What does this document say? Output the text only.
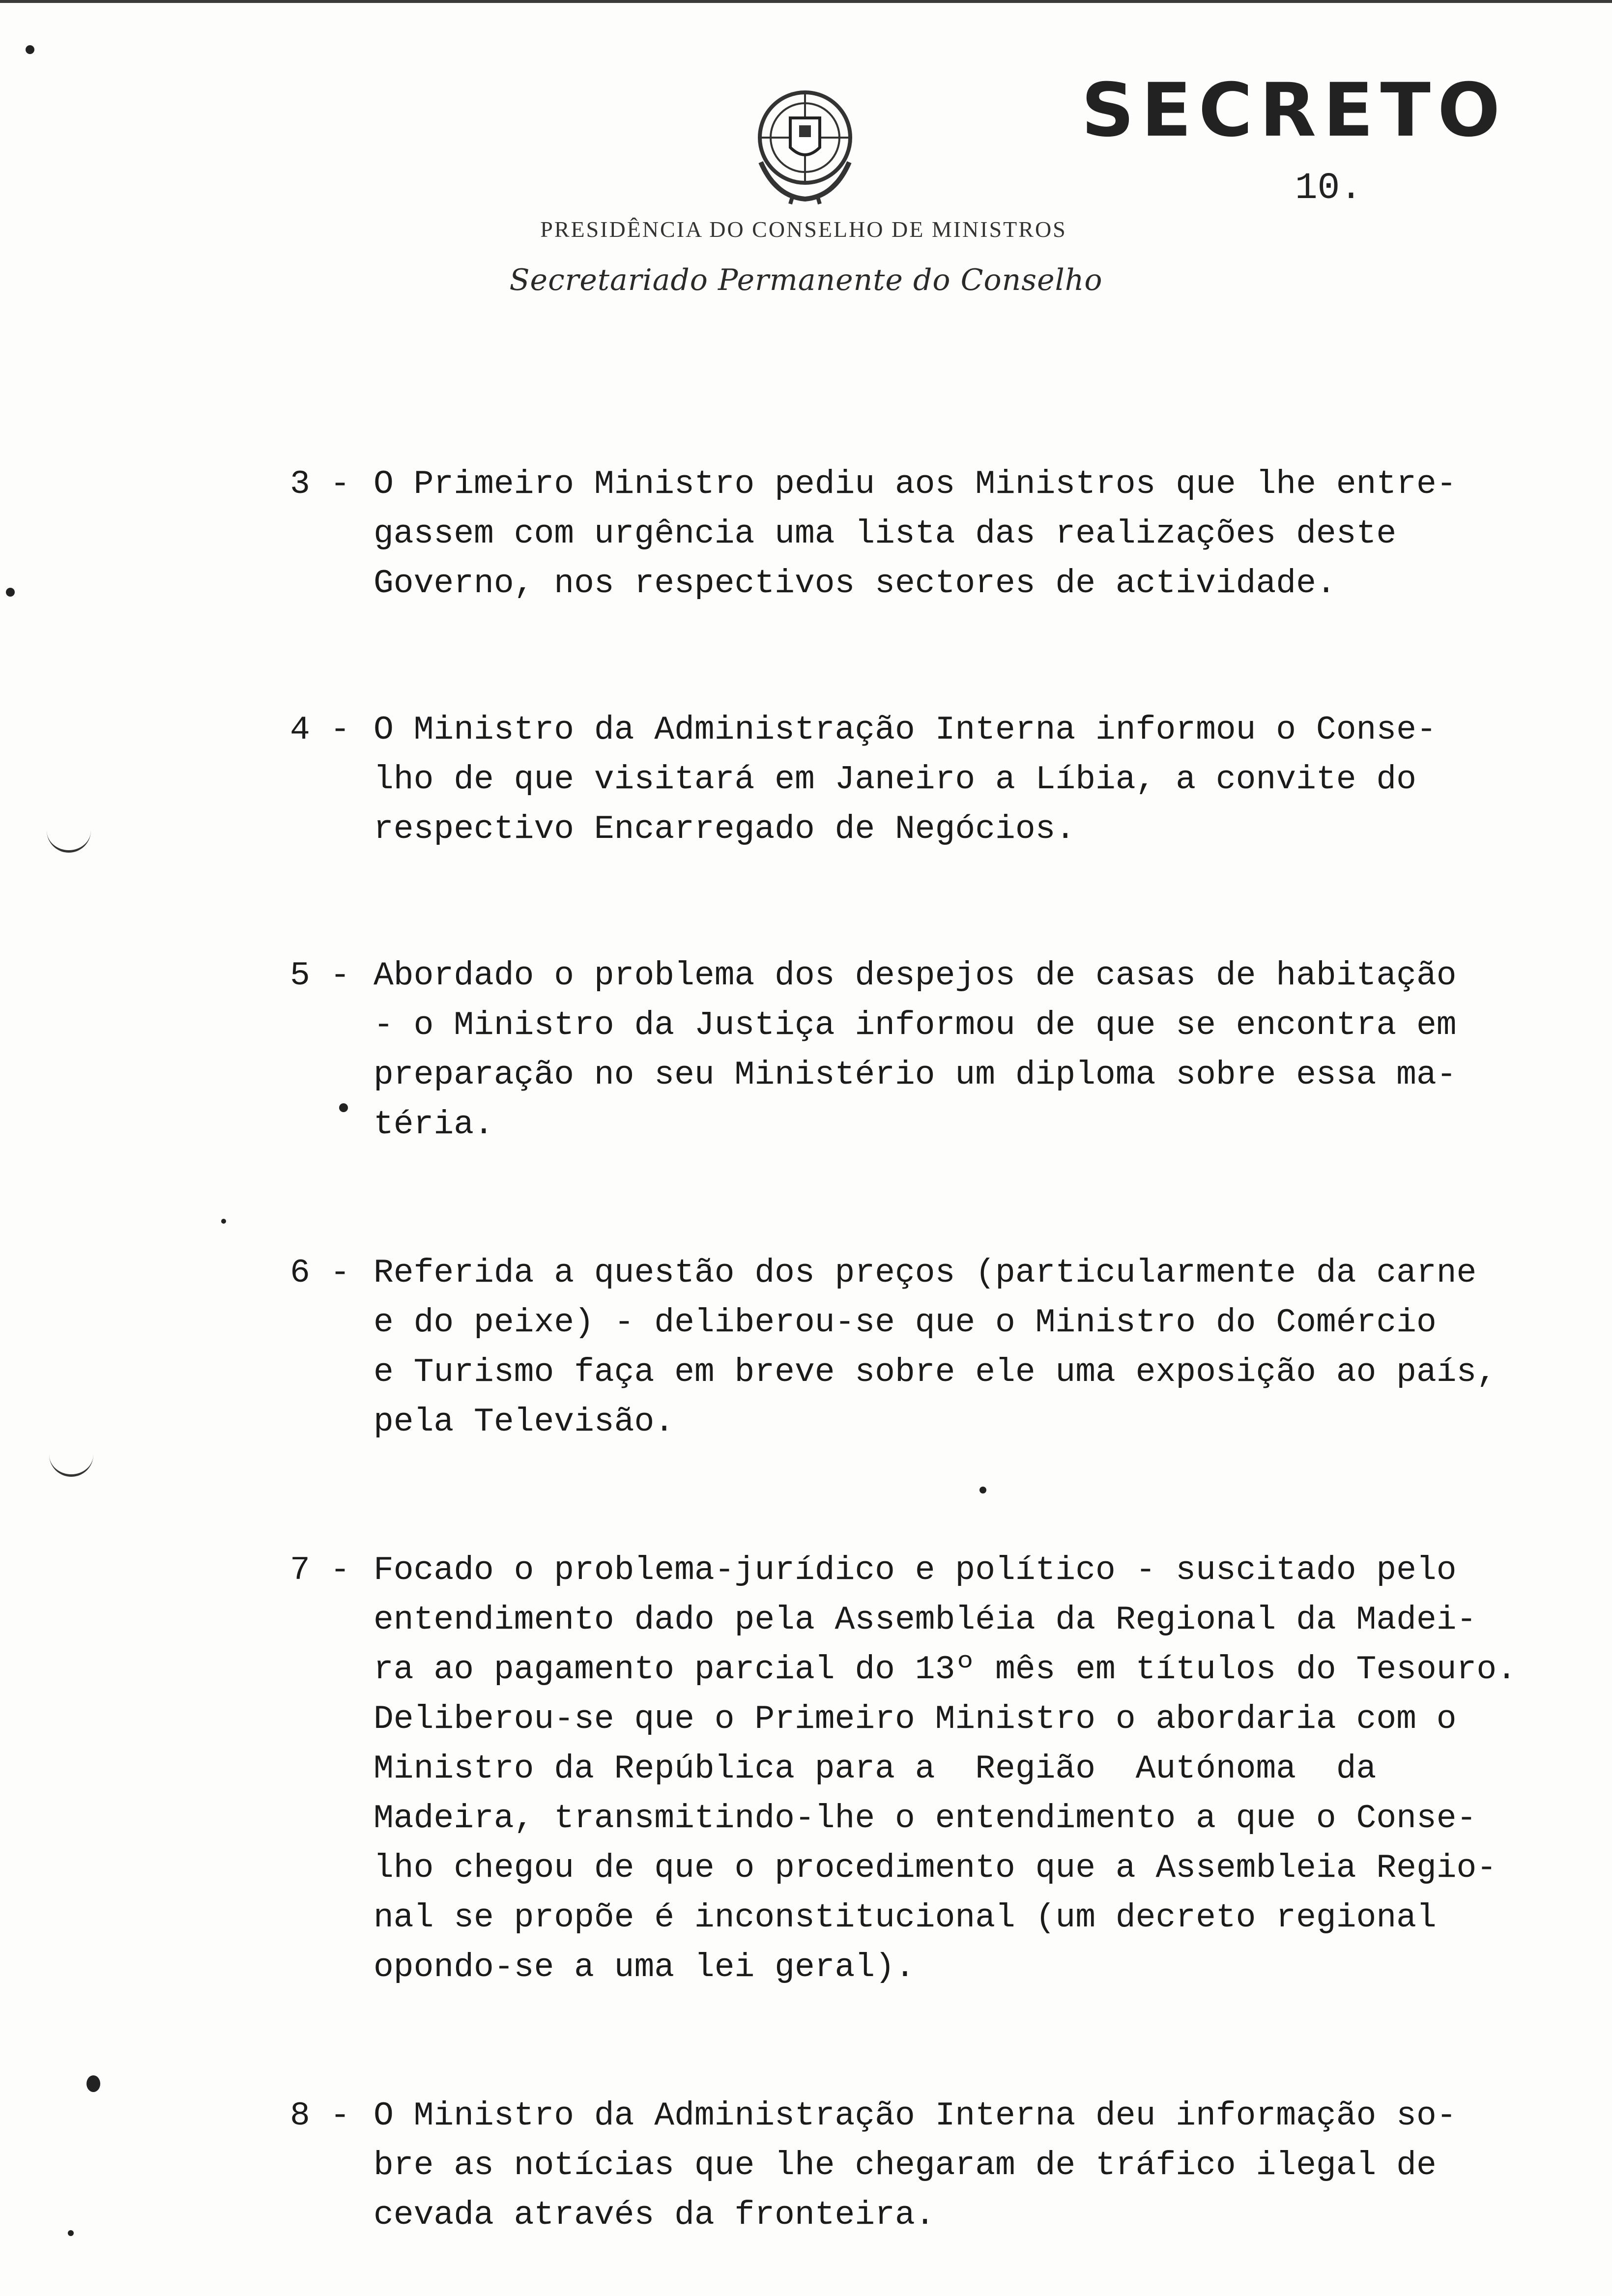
SECRETO
10.
PRESIDÊNCIA DO CONSELHO DE MINISTROS
Secretariado Permanente do Conselho
3 - O Primeiro Ministro pediu aos Ministros que lhe entre-
gassem com urgência uma lista das realizações deste
Governo, nos respectivos sectores de actividade.
4 - O Ministro da Administração Interna informou o Conse-
lho de que visitará em Janeiro a Líbia, a convite do
respectivo Encarregado de Negócios.
5 - Abordado o problema dos despejos de casas de habitação
- o Ministro da Justiça informou de que se encontra em
preparação no seu Ministério um diploma sobre essa ma-
téria.
6 - Referida a questão dos preços (particularmente da carne
e do peixe) - deliberou-se que o Ministro do Comércio
e Turismo faça em breve sobre ele uma exposição ao país,
pela Televisão.
7 - Focado o problema-jurídico e político - suscitado pelo
entendimento dado pela Assembléia da Regional da Madei-
ra ao pagamento parcial do 13º mês em títulos do Tesouro.
Deliberou-se que o Primeiro Ministro o abordaria com o
Ministro da República para a  Região  Autónoma  da
Madeira, transmitindo-lhe o entendimento a que o Conse-
lho chegou de que o procedimento que a Assembleia Regio-
nal se propõe é inconstitucional (um decreto regional
opondo-se a uma lei geral).
8 - O Ministro da Administração Interna deu informação so-
bre as notícias que lhe chegaram de tráfico ilegal de
cevada através da fronteira.
